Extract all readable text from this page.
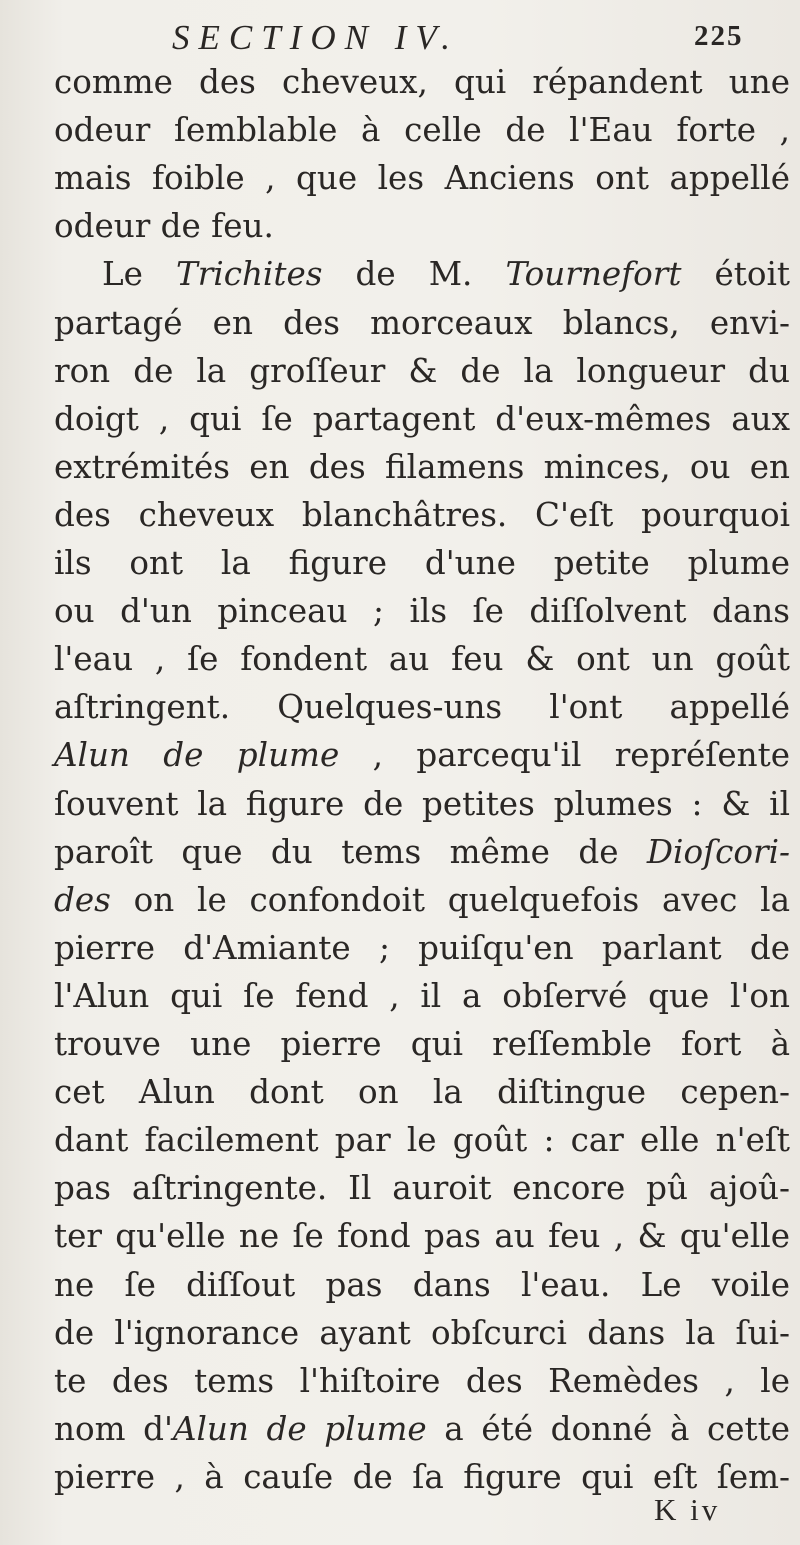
SECTION IV.	225
comme des cheveux, qui répandent une
odeur ſemblable à celle de l'Eau forte ,
mais foible , que les Anciens ont appellé
odeur de feu.
Le Trichites de M. Tournefort étoit
partagé en des morceaux blancs, envi-
ron de la groſſeur & de la longueur du
doigt , qui ſe partagent d'eux-mêmes aux
extrémités en des filamens minces, ou en
des cheveux blanchâtres. C'eſt pourquoi
ils ont la figure d'une petite plume
ou d'un pinceau ; ils ſe diſſolvent dans
l'eau , ſe fondent au feu & ont un goût
aſtringent. Quelques-uns l'ont appellé
Alun de plume , parcequ'il repréſente
ſouvent la figure de petites plumes : & il
paroît que du tems même de Dioſcori-
des on le confondoit quelquefois avec la
pierre d'Amiante ; puiſqu'en parlant de
l'Alun qui ſe fend , il a obſervé que l'on
trouve une pierre qui reſſemble fort à
cet Alun dont on la diſtingue cepen-
dant facilement par le goût : car elle n'eſt
pas aſtringente. Il auroit encore pû ajoû-
ter qu'elle ne ſe fond pas au feu , & qu'elle
ne ſe diſſout pas dans l'eau. Le voile
de l'ignorance ayant obſcurci dans la ſui-
te des tems l'hiſtoire des Remèdes , le
nom d'Alun de plume a été donné à cette
pierre , à cauſe de ſa figure qui eſt ſem-
K iv
